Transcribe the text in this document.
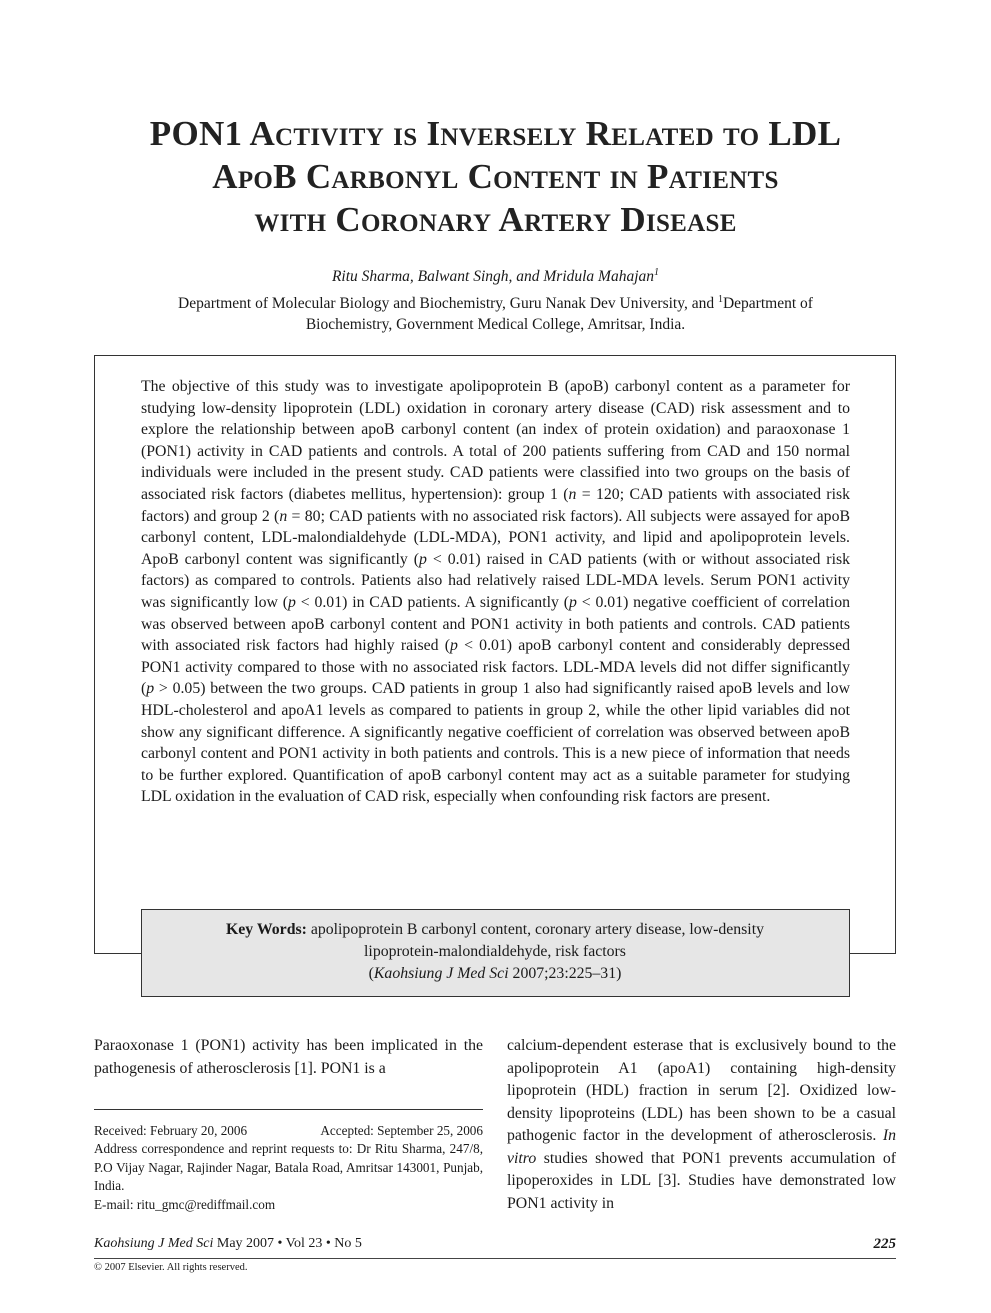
PON1 Activity is Inversely Related to LDL
ApoB Carbonyl Content in Patients
with Coronary Artery Disease
Ritu Sharma, Balwant Singh, and Mridula Mahajan$^1$
Department of Molecular Biology and Biochemistry, Guru Nanak Dev University, and $^1$Department of
Biochemistry, Government Medical College, Amritsar, India.
The objective of this study was to investigate apolipoprotein B (apoB) carbonyl content as a parameter for studying low-density lipoprotein (LDL) oxidation in coronary artery disease (CAD) risk assessment and to explore the relationship between apoB carbonyl content (an index of protein oxidation) and paraoxonase 1 (PON1) activity in CAD patients and controls. A total of 200 patients suffering from CAD and 150 normal individuals were included in the present study. CAD patients were classified into two groups on the basis of associated risk factors (diabetes mellitus, hypertension): group 1 (n = 120; CAD patients with associated risk factors) and group 2 (n = 80; CAD patients with no associated risk factors). All subjects were assayed for apoB carbonyl content, LDL-malondialdehyde (LDL-MDA), PON1 activity, and lipid and apolipoprotein levels. ApoB carbonyl content was significantly (p < 0.01) raised in CAD patients (with or without associated risk factors) as compared to controls. Patients also had relatively raised LDL-MDA levels. Serum PON1 activity was significantly low (p < 0.01) in CAD patients. A significantly (p < 0.01) negative coefficient of correlation was observed between apoB carbonyl content and PON1 activity in both patients and controls. CAD patients with associated risk factors had highly raised (p < 0.01) apoB carbonyl content and considerably depressed PON1 activity compared to those with no associated risk factors. LDL-MDA levels did not differ significantly (p > 0.05) between the two groups. CAD patients in group 1 also had significantly raised apoB levels and low HDL-cholesterol and apoA1 levels as compared to patients in group 2, while the other lipid variables did not show any significant difference. A significantly negative coefficient of correlation was observed between apoB carbonyl content and PON1 activity in both patients and controls. This is a new piece of information that needs to be further explored. Quantification of apoB carbonyl content may act as a suitable parameter for studying LDL oxidation in the evaluation of CAD risk, especially when confounding risk factors are present.
Key Words: apolipoprotein B carbonyl content, coronary artery disease, low-density
lipoprotein-malondialdehyde, risk factors
(Kaohsiung J Med Sci 2007;23:225–31)
Paraoxonase 1 (PON1) activity has been implicated in the pathogenesis of atherosclerosis [1]. PON1 is a
calcium-dependent esterase that is exclusively bound to the apolipoprotein A1 (apoA1) containing high-density lipoprotein (HDL) fraction in serum [2]. Oxidized low-density lipoproteins (LDL) has been shown to be a casual pathogenic factor in the development of atherosclerosis. In vitro studies showed that PON1 prevents accumulation of lipoperoxides in LDL [3]. Studies have demonstrated low PON1 activity in
Received: February 20, 2006	Accepted: September 25, 2006
Address correspondence and reprint requests to: Dr Ritu Sharma, 247/8, P.O Vijay Nagar, Rajinder Nagar, Batala Road, Amritsar 143001, Punjab, India.
E-mail: ritu_gmc@rediffmail.com
Kaohsiung J Med Sci May 2007 • Vol 23 • No 5	225
© 2007 Elsevier. All rights reserved.
